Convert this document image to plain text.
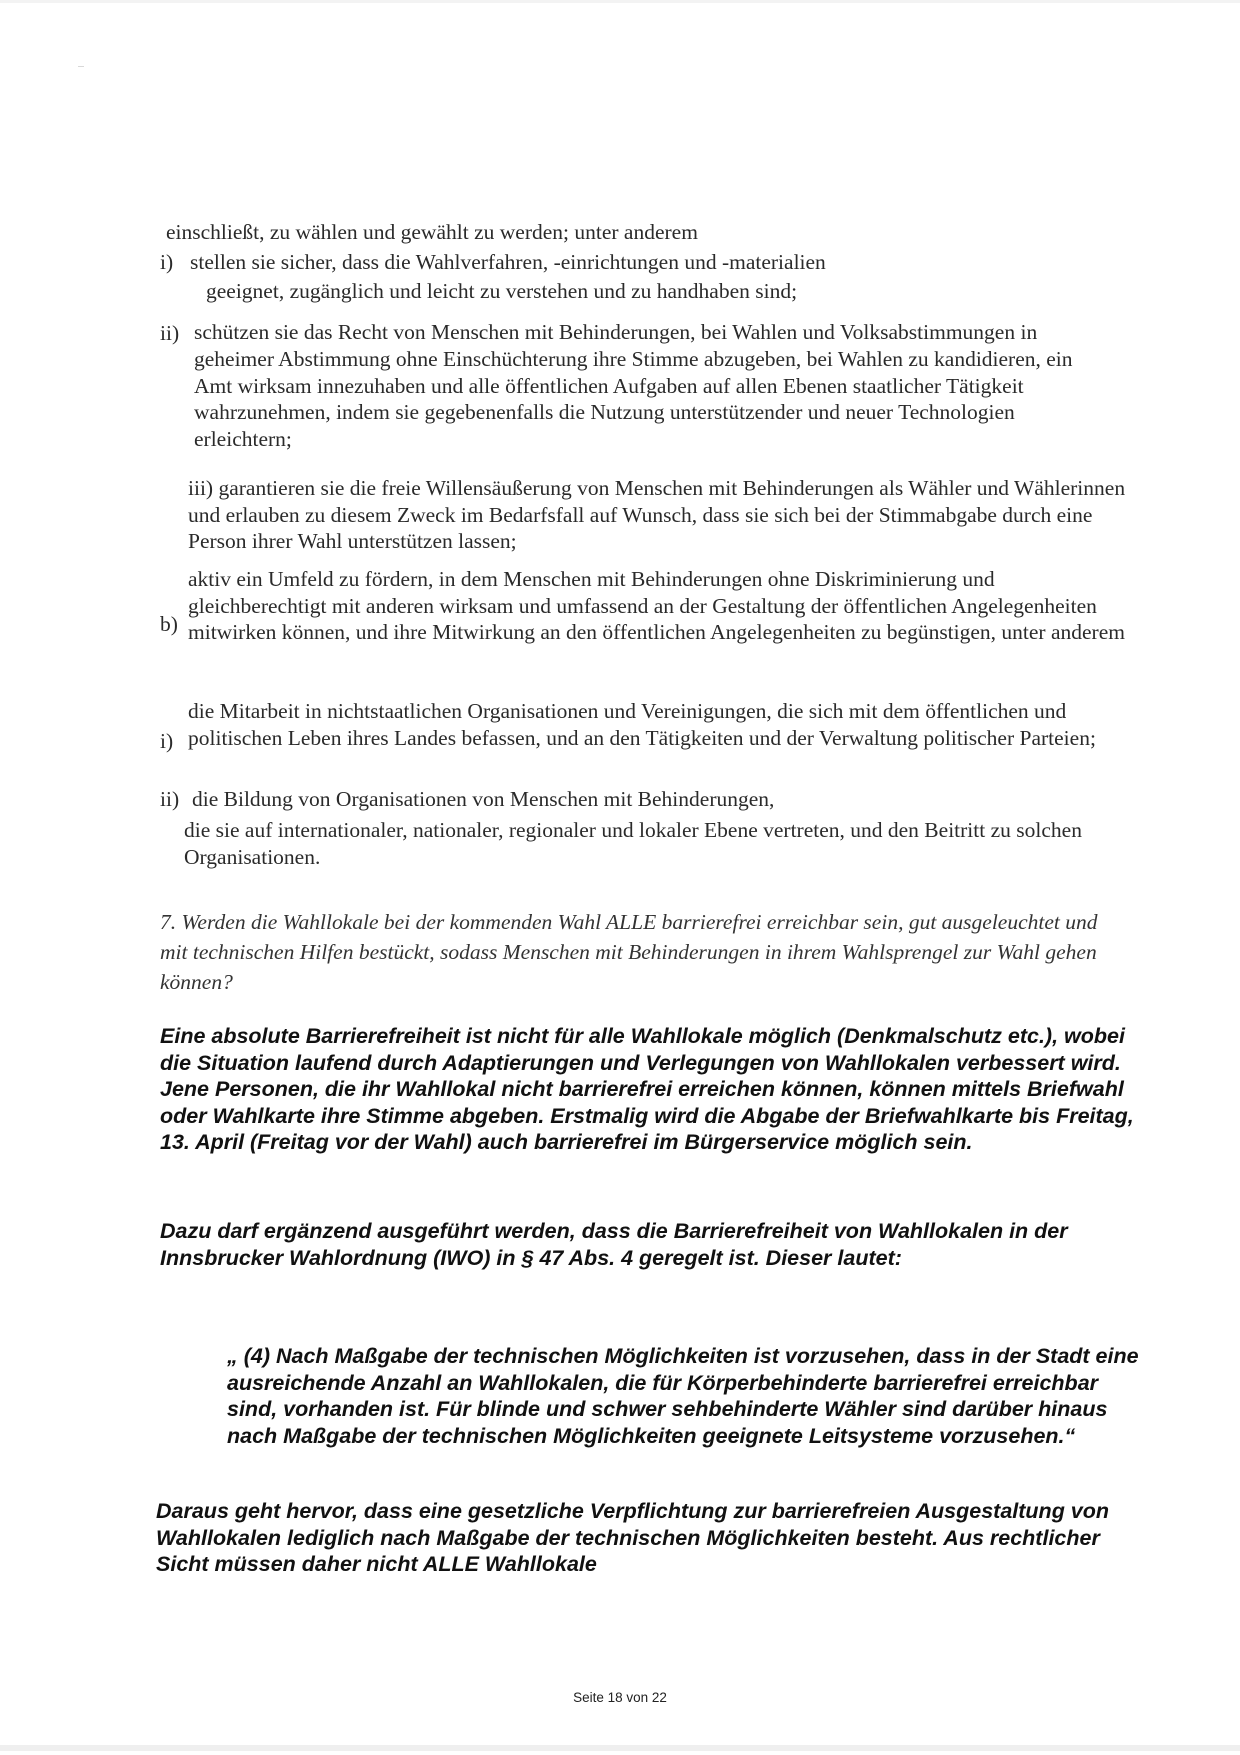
einschließt, zu wählen und gewählt zu werden; unter anderem
i) stellen sie sicher, dass die Wahlverfahren, -einrichtungen und -materialien geeignet, zugänglich und leicht zu verstehen und zu handhaben sind;
ii) schützen sie das Recht von Menschen mit Behinderungen, bei Wahlen und Volksabstimmungen in geheimer Abstimmung ohne Einschüchterung ihre Stimme abzugeben, bei Wahlen zu kandidieren, ein Amt wirksam innezuhaben und alle öffentlichen Aufgaben auf allen Ebenen staatlicher Tätigkeit wahrzunehmen, indem sie gegebenenfalls die Nutzung unterstützender und neuer Technologien erleichtern;
iii) garantieren sie die freie Willensäußerung von Menschen mit Behinderungen als Wähler und Wählerinnen und erlauben zu diesem Zweck im Bedarfsfall auf Wunsch, dass sie sich bei der Stimmabgabe durch eine Person ihrer Wahl unterstützen lassen;
b)
aktiv ein Umfeld zu fördern, in dem Menschen mit Behinderungen ohne Diskriminierung und gleichberechtigt mit anderen wirksam und umfassend an der Gestaltung der öffentlichen Angelegenheiten mitwirken können, und ihre Mitwirkung an den öffentlichen Angelegenheiten zu begünstigen, unter anderem
i)
die Mitarbeit in nichtstaatlichen Organisationen und Vereinigungen, die sich mit dem öffentlichen und politischen Leben ihres Landes befassen, und an den Tätigkeiten und der Verwaltung politischer Parteien;
ii) die Bildung von Organisationen von Menschen mit Behinderungen,
die sie auf internationaler, nationaler, regionaler und lokaler Ebene vertreten, und den Beitritt zu solchen Organisationen.
7. Werden die Wahllokale bei der kommenden Wahl ALLE barrierefrei erreichbar sein, gut ausgeleuchtet und mit technischen Hilfen bestückt, sodass Menschen mit Behinderungen in ihrem Wahlsprengel zur Wahl gehen können?
Eine absolute Barrierefreiheit ist nicht für alle Wahllokale möglich (Denkmalschutz etc.), wobei die Situation laufend durch Adaptierungen und Verlegungen von Wahllokalen verbessert wird. Jene Personen, die ihr Wahllokal nicht barrierefrei erreichen können, können mittels Briefwahl oder Wahlkarte ihre Stimme abgeben. Erstmalig wird die Abgabe der Briefwahlkarte bis Freitag, 13. April (Freitag vor der Wahl) auch barrierefrei im Bürgerservice möglich sein.
Dazu darf ergänzend ausgeführt werden, dass die Barrierefreiheit von Wahllokalen in der Innsbrucker Wahlordnung (IWO) in § 47 Abs. 4 geregelt ist. Dieser lautet:
„ (4) Nach Maßgabe der technischen Möglichkeiten ist vorzusehen, dass in der Stadt eine ausreichende Anzahl an Wahllokalen, die für Körperbehinderte barrierefrei erreichbar sind, vorhanden ist. Für blinde und schwer sehbehinderte Wähler sind darüber hinaus nach Maßgabe der technischen Möglichkeiten geeignete Leitsysteme vorzusehen.“
Daraus geht hervor, dass eine gesetzliche Verpflichtung zur barrierefreien Ausgestaltung von Wahllokalen lediglich nach Maßgabe der technischen Möglichkeiten besteht. Aus rechtlicher Sicht müssen daher nicht ALLE Wahllokale
Seite 18 von 22
